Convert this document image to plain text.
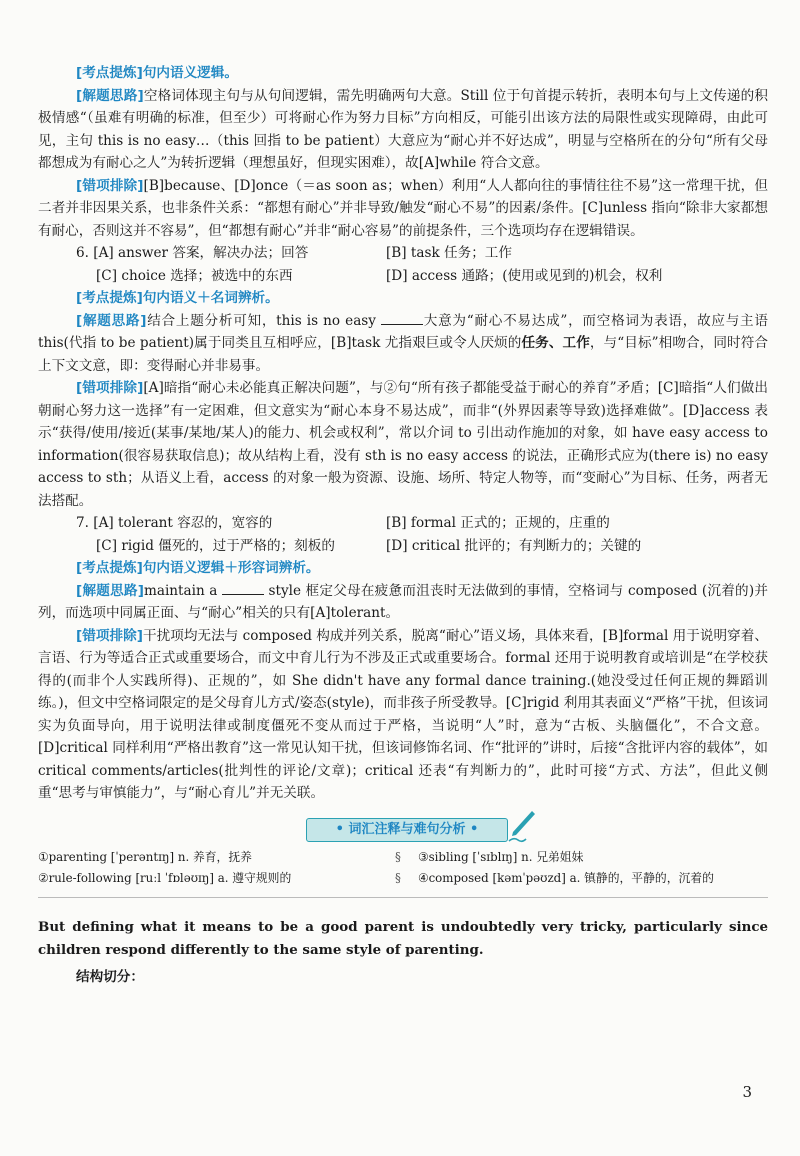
[考点提炼]句内语义逻辑。

[解题思路]空格词体现主句与从句间逻辑，需先明确两句大意。Still 位于句首提示转折，表明本句与上文传递的积极情感“（虽难有明确的标准，但至少）可将耐心作为努力目标”方向相反，可能引出该方法的局限性或实现障碍，由此可见，主句 this is no easy…（this 回指 to be patient）大意应为“耐心并不好达成”，明显与空格所在的分句“所有父母都想成为有耐心之人”为转折逻辑（理想虽好，但现实困难），故[A]while 符合文意。

[错项排除][B]because、[D]once（＝as soon as；when）利用“人人都向往的事情往往不易”这一常理干扰，但二者并非因果关系，也非条件关系：“都想有耐心”并非导致/触发“耐心不易”的因素/条件。[C]unless 指向“除非大家都想有耐心，否则这并不容易”，但“都想有耐心”并非“耐心容易”的前提条件，三个选项均存在逻辑错误。

6. [A] answer 答案，解决办法；回答	[B] task 任务；工作
[C] choice 选择；被选中的东西	[D] access 通路；(使用或见到的)机会，权利

[考点提炼]句内语义＋名词辨析。

[解题思路]结合上题分析可知，this is no easy	大意为“耐心不易达成”，而空格词为表语，故应与主语 this(代指 to be patient)属于同类且互相呼应，[B]task 尤指艰巨或令人厌烦的任务、工作，与“目标”相吻合，同时符合上下文文意，即：变得耐心并非易事。

[错项排除][A]暗指“耐心未必能真正解决问题”，与②句“所有孩子都能受益于耐心的养育”矛盾；[C]暗指“人们做出朝耐心努力这一选择”有一定困难，但文意实为“耐心本身不易达成”，而非“(外界因素等导致)选择难做”。[D]access 表示“获得/使用/接近(某事/某地/某人)的能力、机会或权利”，常以介词 to 引出动作施加的对象，如 have easy access to information(很容易获取信息)；故从结构上看，没有 sth is no easy access 的说法，正确形式应为(there is) no easy access to sth；从语义上看，access 的对象一般为资源、设施、场所、特定人物等，而“变耐心”为目标、任务，两者无法搭配。

7. [A] tolerant 容忍的，宽容的	[B] formal 正式的；正规的，庄重的
[C] rigid 僵死的，过于严格的；刻板的	[D] critical 批评的；有判断力的；关键的

[考点提炼]句内语义逻辑＋形容词辨析。

[解题思路]maintain a	style 框定父母在疲惫而沮丧时无法做到的事情，空格词与 composed (沉着的)并列，而选项中同属正面、与“耐心”相关的只有[A]tolerant。

[错项排除]干扰项均无法与 composed 构成并列关系，脱离“耐心”语义场，具体来看，[B]formal 用于说明穿着、言语、行为等适合正式或重要场合，而文中育儿行为不涉及正式或重要场合。formal 还用于说明教育或培训是“在学校获得的(而非个人实践所得)、正规的”，如 She didn't have any formal dance training.(她没受过任何正规的舞蹈训练。)，但文中空格词限定的是父母育儿方式/姿态(style)，而非孩子所受教导。[C]rigid 利用其表面义“严格”干扰，但该词实为负面导向，用于说明法律或制度僵死不变从而过于严格，当说明“人”时，意为“古板、头脑僵化”，不合文意。[D]critical 同样利用“严格出教育”这一常见认知干扰，但该词修饰名词、作“批评的”讲时，后接“含批评内容的载体”，如 critical comments/articles(批判性的评论/文章)；critical 还表“有判断力的”，此时可接“方式、方法”，但此义侧重“思考与审慎能力”，与“耐心育儿”并无关联。

• 词汇注释与难句分析 •
①parenting [ˈperəntɪŋ] n. 养育，抚养	§	③sibling [ˈsɪblɪŋ] n. 兄弟姐妹
②rule-following [ruːl ˈfɒləʊɪŋ] a. 遵守规则的	§	④composed [kəmˈpəʊzd] a. 镇静的，平静的，沉着的

But defining what it means to be a good parent is undoubtedly very tricky, particularly since children respond differently to the same style of parenting.

结构切分：

3
